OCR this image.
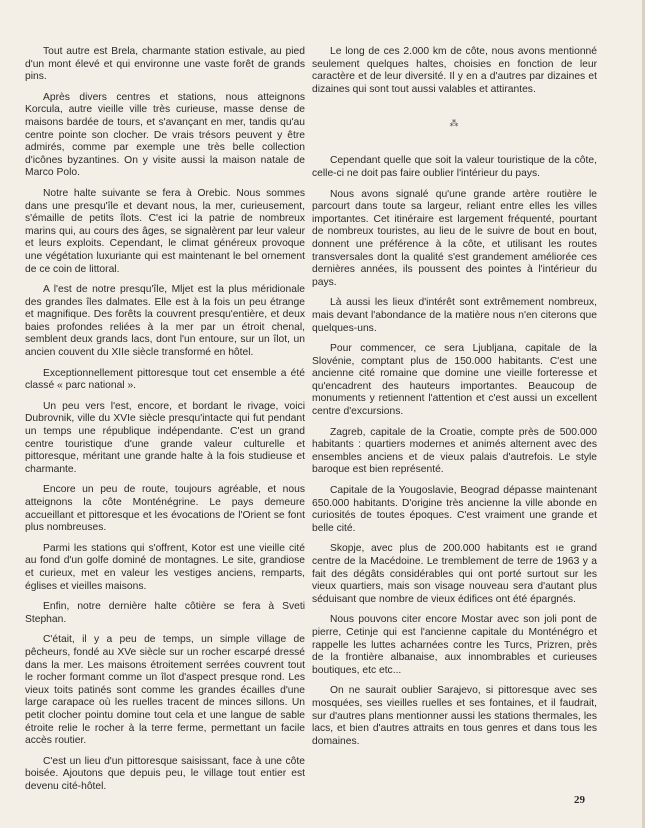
Tout autre est Brela, charmante station estivale, au pied d'un mont élevé et qui environne une vaste forêt de grands pins.

Après divers centres et stations, nous atteignons Korcula, autre vieille ville très curieuse, masse dense de maisons bardée de tours, et s'avançant en mer, tandis qu'au centre pointe son clocher. De vrais trésors peuvent y être admirés, comme par exemple une très belle collection d'icônes byzantines. On y visite aussi la maison natale de Marco Polo.

Notre halte suivante se fera à Orebic. Nous sommes dans une presqu'île et devant nous, la mer, curieusement, s'émaille de petits îlots. C'est ici la patrie de nombreux marins qui, au cours des âges, se signalèrent par leur valeur et leurs exploits. Cependant, le climat généreux provoque une végétation luxuriante qui est maintenant le bel ornement de ce coin de littoral.

A l'est de notre presqu'île, Mljet est la plus méridionale des grandes îles dalmates. Elle est à la fois un peu étrange et magnifique. Des forêts la couvrent presqu'entière, et deux baies profondes reliées à la mer par un étroit chenal, semblent deux grands lacs, dont l'un entoure, sur un îlot, un ancien couvent du XIIe siècle transformé en hôtel.

Exceptionnellement pittoresque tout cet ensemble a été classé « parc national ».

Un peu vers l'est, encore, et bordant le rivage, voici Dubrovnik, ville du XVIe siècle presqu'intacte qui fut pendant un temps une république indépendante. C'est un grand centre touristique d'une grande valeur culturelle et pittoresque, méritant une grande halte à la fois studieuse et charmante.

Encore un peu de route, toujours agréable, et nous atteignons la côte Monténégrine. Le pays demeure accueillant et pittoresque et les évocations de l'Orient se font plus nombreuses.

Parmi les stations qui s'offrent, Kotor est une vieille cité au fond d'un golfe dominé de montagnes. Le site, grandiose et curieux, met en valeur les vestiges anciens, remparts, églises et vieilles maisons.

Enfin, notre dernière halte côtière se fera à Sveti Stephan.

C'était, il y a peu de temps, un simple village de pêcheurs, fondé au XVe siècle sur un rocher escarpé dressé dans la mer. Les maisons étroitement serrées couvrent tout le rocher formant comme un îlot d'aspect presque rond. Les vieux toits patinés sont comme les grandes écailles d'une large carapace où les ruelles tracent de minces sillons. Un petit clocher pointu domine tout cela et une langue de sable étroite relie le rocher à la terre ferme, permettant un facile accès routier.

C'est un lieu d'un pittoresque saisissant, face à une côte boisée. Ajoutons que depuis peu, le village tout entier est devenu cité-hôtel.

Le long de ces 2.000 km de côte, nous avons mentionné seulement quelques haltes, choisies en fonction de leur caractère et de leur diversité. Il y en a d'autres par dizaines et dizaines qui sont tout aussi valables et attirantes.

⁂

Cependant quelle que soit la valeur touristique de la côte, celle-ci ne doit pas faire oublier l'intérieur du pays.

Nous avons signalé qu'une grande artère routière le parcourt dans toute sa largeur, reliant entre elles les villes importantes. Cet itinéraire est largement fréquenté, pourtant de nombreux touristes, au lieu de le suivre de bout en bout, donnent une préférence à la côte, et utilisant les routes transversales dont la qualité s'est grandement améliorée ces dernières années, ils poussent des pointes à l'intérieur du pays.

Là aussi les lieux d'intérêt sont extrêmement nombreux, mais devant l'abondance de la matière nous n'en citerons que quelques-uns.

Pour commencer, ce sera Ljubljana, capitale de la Slovénie, comptant plus de 150.000 habitants. C'est une ancienne cité romaine que domine une vieille forteresse et qu'encadrent des hauteurs importantes. Beaucoup de monuments y retiennent l'attention et c'est aussi un excellent centre d'excursions.

Zagreb, capitale de la Croatie, compte près de 500.000 habitants : quartiers modernes et animés alternent avec des ensembles anciens et de vieux palais d'autrefois. Le style baroque est bien représenté.

Capitale de la Yougoslavie, Beograd dépasse maintenant 650.000 habitants. D'origine très ancienne la ville abonde en curiosités de toutes époques. C'est vraiment une grande et belle cité.

Skopje, avec plus de 200.000 habitants est ıe grand centre de la Macédoine. Le tremblement de terre de 1963 y a fait des dégâts considérables qui ont porté surtout sur les vieux quartiers, mais son visage nouveau sera d'autant plus séduisant que nombre de vieux édifices ont été épargnés.

Nous pouvons citer encore Mostar avec son joli pont de pierre, Cetinje qui est l'ancienne capitale du Monténégro et rappelle les luttes acharnées contre les Turcs, Prizren, près de la frontière albanaise, aux innombrables et curieuses boutiques, etc etc...

On ne saurait oublier Sarajevo, si pittoresque avec ses mosquées, ses vieilles ruelles et ses fontaines, et il faudrait, sur d'autres plans mentionner aussi les stations thermales, les lacs, et bien d'autres attraits en tous genres et dans tous les domaines.

29
